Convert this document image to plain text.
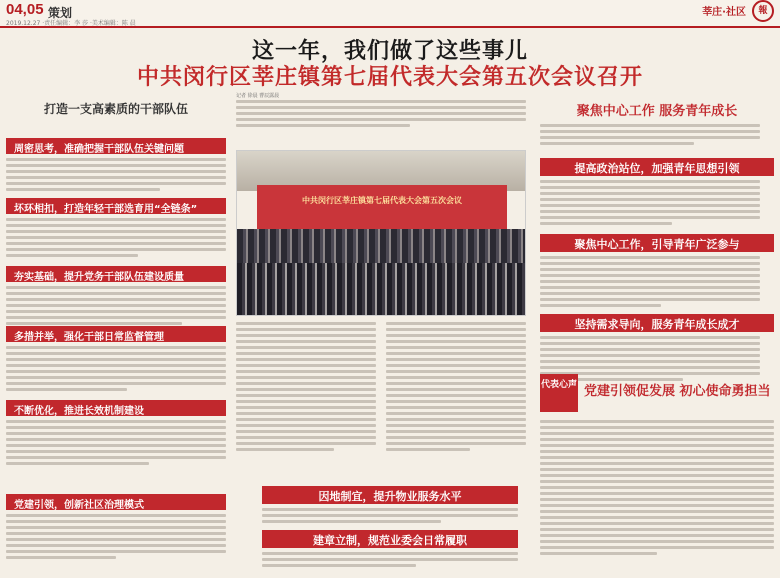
04,05 策划
2019.12.27 ·责任编辑：李 莎 ·美术编辑：陈 晨
莘庄·社区	報
这一年，我们做了这些事儿
中共闵行区莘庄镇第七届代表大会第五次会议召开
打造一支高素质的干部队伍
周密思考，准确把握干部队伍关键问题
坏环相扣，打造年轻干部选育用“全链条”
夯实基础，提升党务干部队伍建设质量
多措并举，强化干部日常监督管理
不断优化，推进长效机制建设
党建引领，创新社区治理模式
中共闵行区莘庄镇第七届代表大会第五次会议
记者 徐晨 曹辰露晨
因地制宜，提升物业服务水平
建章立制，规范业委会日常履职
聚焦中心工作 服务青年成长
提高政治站位，加强青年思想引领
聚焦中心工作，引导青年广泛参与
坚持需求导向，服务青年成长成才
代表心声 党建引领促发展 初心使命勇担当
